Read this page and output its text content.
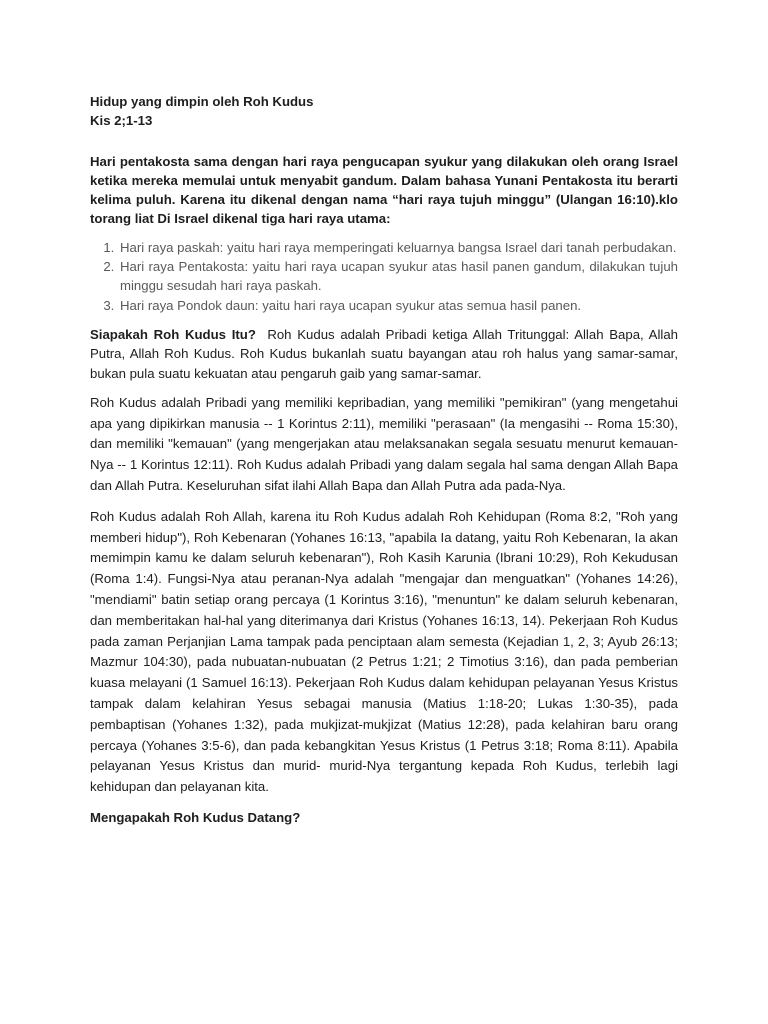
Hidup yang dimpin oleh Roh Kudus

Kis 2;1-13

Hari pentakosta sama dengan hari raya pengucapan syukur yang dilakukan oleh orang Israel ketika mereka memulai untuk menyabit gandum. Dalam bahasa Yunani Pentakosta itu berarti kelima puluh. Karena itu dikenal dengan nama “hari raya tujuh minggu” (Ulangan 16:10).klo torang liat Di Israel dikenal tiga hari raya utama:

1. Hari raya paskah: yaitu hari raya memperingati keluarnya bangsa Israel dari tanah perbudakan.
2. Hari raya Pentakosta: yaitu hari raya ucapan syukur atas hasil panen gandum, dilakukan tujuh minggu sesudah hari raya paskah.
3. Hari raya Pondok daun: yaitu hari raya ucapan syukur atas semua hasil panen.

Siapakah Roh Kudus Itu? Roh Kudus adalah Pribadi ketiga Allah Tritunggal: Allah Bapa, Allah Putra, Allah Roh Kudus. Roh Kudus bukanlah suatu bayangan atau roh halus yang samar-samar, bukan pula suatu kekuatan atau pengaruh gaib yang samar-samar.

Roh Kudus adalah Pribadi yang memiliki kepribadian, yang memiliki "pemikiran" (yang mengetahui apa yang dipikirkan manusia -- 1 Korintus 2:11), memiliki "perasaan" (Ia mengasihi -- Roma 15:30), dan memiliki "kemauan" (yang mengerjakan atau melaksanakan segala sesuatu menurut kemauan-Nya -- 1 Korintus 12:11). Roh Kudus adalah Pribadi yang dalam segala hal sama dengan Allah Bapa dan Allah Putra. Keseluruhan sifat ilahi Allah Bapa dan Allah Putra ada pada-Nya.

Roh Kudus adalah Roh Allah, karena itu Roh Kudus adalah Roh Kehidupan (Roma 8:2, "Roh yang memberi hidup"), Roh Kebenaran (Yohanes 16:13, "apabila Ia datang, yaitu Roh Kebenaran, Ia akan memimpin kamu ke dalam seluruh kebenaran"), Roh Kasih Karunia (Ibrani 10:29), Roh Kekudusan (Roma 1:4). Fungsi-Nya atau peranan-Nya adalah "mengajar dan menguatkan" (Yohanes 14:26), "mendiami" batin setiap orang percaya (1 Korintus 3:16), "menuntun" ke dalam seluruh kebenaran, dan memberitakan hal-hal yang diterimanya dari Kristus (Yohanes 16:13, 14). Pekerjaan Roh Kudus pada zaman Perjanjian Lama tampak pada penciptaan alam semesta (Kejadian 1, 2, 3; Ayub 26:13; Mazmur 104:30), pada nubuatan-nubuatan (2 Petrus 1:21; 2 Timotius 3:16), dan pada pemberian kuasa melayani (1 Samuel 16:13). Pekerjaan Roh Kudus dalam kehidupan pelayanan Yesus Kristus tampak dalam kelahiran Yesus sebagai manusia (Matius 1:18-20; Lukas 1:30-35), pada pembaptisan (Yohanes 1:32), pada mukjizat-mukjizat (Matius 12:28), pada kelahiran baru orang percaya (Yohanes 3:5-6), dan pada kebangkitan Yesus Kristus (1 Petrus 3:18; Roma 8:11). Apabila pelayanan Yesus Kristus dan murid- murid-Nya tergantung kepada Roh Kudus, terlebih lagi kehidupan dan pelayanan kita.

Mengapakah Roh Kudus Datang?
